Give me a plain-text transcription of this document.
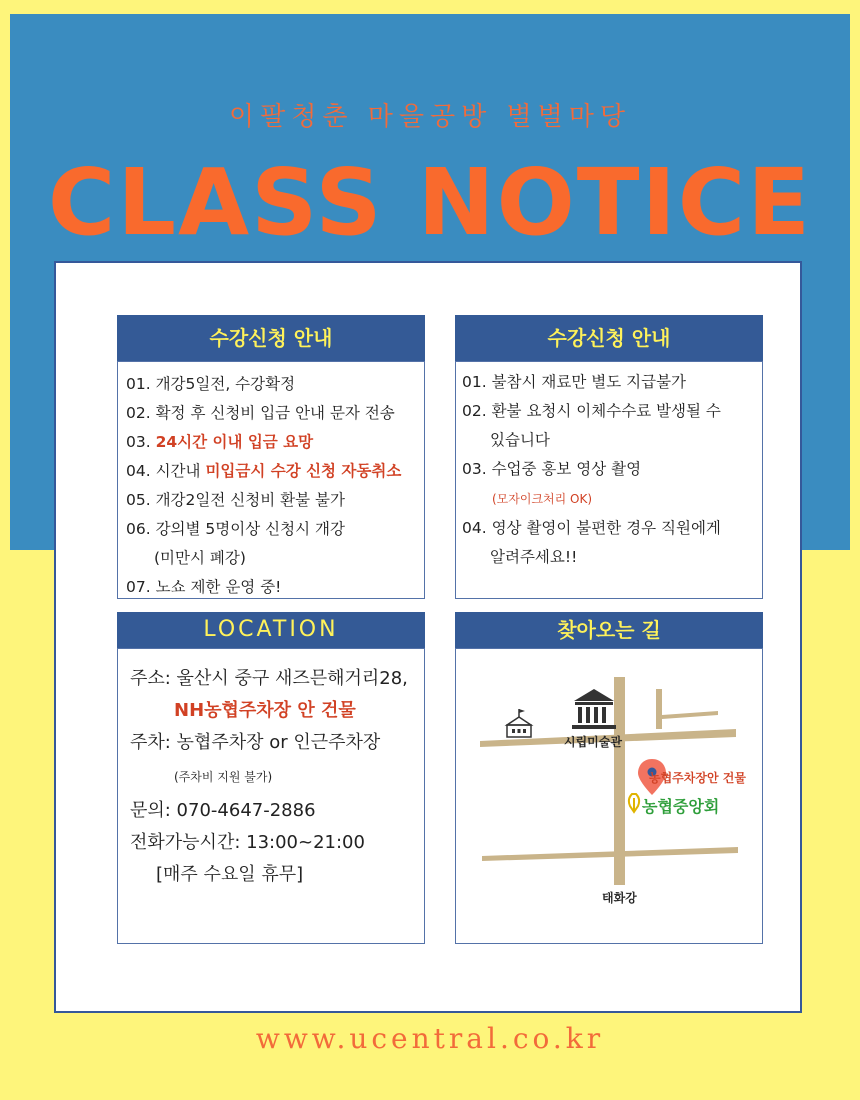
이팔청춘 마을공방 별별마당
CLASS NOTICE
수강신청 안내
01. 개강5일전, 수강확정
02. 확정 후 신청비 입금 안내 문자 전송
03. 24시간 이내 입금 요망
04. 시간내 미입금시 수강 신청 자동취소
05. 개강2일전 신청비 환불 불가
06. 강의별 5명이상 신청시 개강
(미만시 폐강)
07. 노쇼 제한 운영 중!
수강신청 안내
01. 불참시 재료만 별도 지급불가
02. 환불 요청시 이체수수료 발생될 수
있습니다
03. 수업중 홍보 영상 촬영
(모자이크처리 OK)
04. 영상 촬영이 불편한 경우 직원에게
알려주세요!!
LOCATION
주소: 울산시 중구 새즈믄해거리28,
NH농협주차장 안 건물
주차: 농협주차장 or 인근주차장
(주차비 지원 불가)
문의: 070-4647-2886
전화가능시간: 13:00~21:00
[매주 수요일 휴무]
찾아오는 길
시립미술관
농협주차장안 건물
농협중앙회
태화강
www.ucentral.co.kr
